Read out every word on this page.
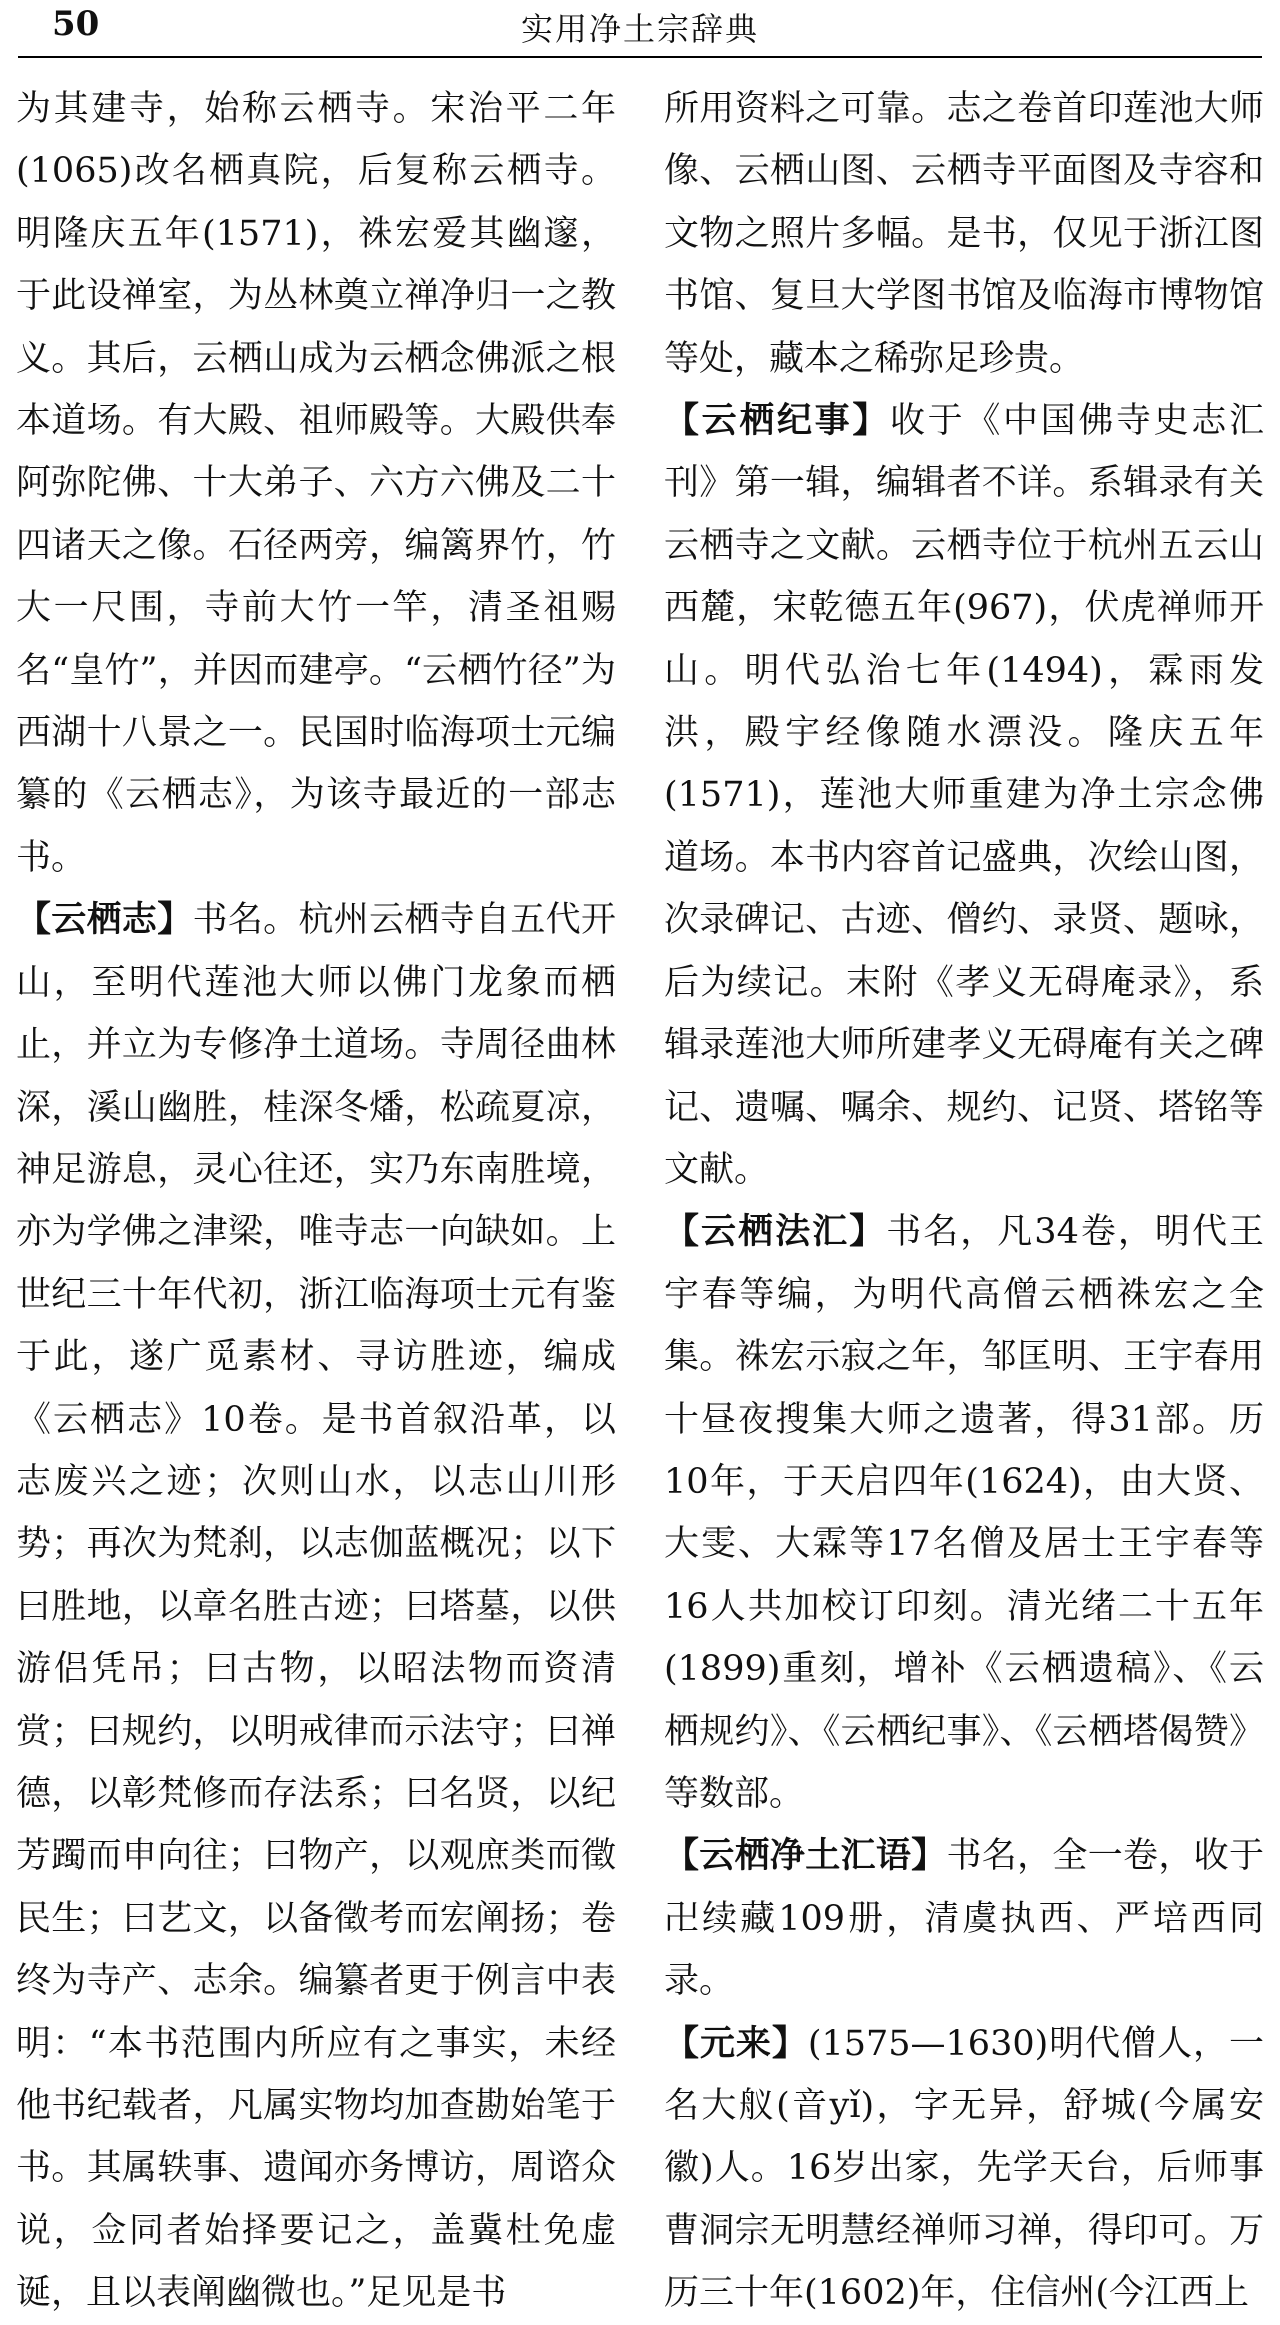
50	实用净土宗辞典

为其建寺，始称云栖寺。宋治平二年(1065)改名栖真院，后复称云栖寺。明隆庆五年(1571)，袾宏爱其幽邃，于此设禅室，为丛林奠立禅净归一之教义。其后，云栖山成为云栖念佛派之根本道场。有大殿、祖师殿等。大殿供奉阿弥陀佛、十大弟子、六方六佛及二十四诸天之像。石径两旁，编篱界竹，竹大一尺围，寺前大竹一竿，清圣祖赐名“皇竹”，并因而建亭。“云栖竹径”为西湖十八景之一。民国时临海项士元编纂的《云栖志》，为该寺最近的一部志书。

【云栖志】书名。杭州云栖寺自五代开山，至明代莲池大师以佛门龙象而栖止，并立为专修净土道场。寺周径曲林深，溪山幽胜，桂深冬燔，松疏夏凉，神足游息，灵心往还，实乃东南胜境，亦为学佛之津梁，唯寺志一向缺如。上世纪三十年代初，浙江临海项士元有鉴于此，遂广觅素材、寻访胜迹，编成《云栖志》10卷。是书首叙沿革，以志废兴之迹；次则山水，以志山川形势；再次为梵刹，以志伽蓝概况；以下曰胜地，以章名胜古迹；曰塔墓，以供游侣凭吊；曰古物，以昭法物而资清赏；曰规约，以明戒律而示法守；曰禅德，以彰梵修而存法系；曰名贤，以纪芳躅而申向往；曰物产，以观庶类而徵民生；曰艺文，以备徵考而宏阐扬；卷终为寺产、志余。编纂者更于例言中表明：“本书范围内所应有之事实，未经他书纪载者，凡属实物均加查勘始笔于书。其属轶事、遗闻亦务博访，周谘众说，佥同者始择要记之，盖冀杜免虚诞，且以表阐幽微也。”足见是书

所用资料之可靠。志之卷首印莲池大师像、云栖山图、云栖寺平面图及寺容和文物之照片多幅。是书，仅见于浙江图书馆、复旦大学图书馆及临海市博物馆等处，藏本之稀弥足珍贵。

【云栖纪事】收于《中国佛寺史志汇刊》第一辑，编辑者不详。系辑录有关云栖寺之文献。云栖寺位于杭州五云山西麓，宋乾德五年(967)，伏虎禅师开山。明代弘治七年(1494)，霖雨发洪，殿宇经像随水漂没。隆庆五年(1571)，莲池大师重建为净土宗念佛道场。本书内容首记盛典，次绘山图，次录碑记、古迹、僧约、录贤、题咏，后为续记。末附《孝义无碍庵录》，系辑录莲池大师所建孝义无碍庵有关之碑记、遗嘱、嘱余、规约、记贤、塔铭等文献。

【云栖法汇】书名，凡34卷，明代王宇春等编，为明代高僧云栖袾宏之全集。袾宏示寂之年，邹匡明、王宇春用十昼夜搜集大师之遗著，得31部。历10年，于天启四年(1624)，由大贤、大雯、大霖等17名僧及居士王宇春等16人共加校订印刻。清光绪二十五年(1899)重刻，增补《云栖遗稿》、《云栖规约》、《云栖纪事》、《云栖塔偈赞》等数部。

【云栖净土汇语】书名，全一卷，收于卍续藏109册，清虞执西、严培西同录。

【元来】(1575—1630)明代僧人，一名大舣(音yǐ)，字无异，舒城(今属安徽)人。16岁出家，先学天台，后师事曹洞宗无明慧经禅师习禅，得印可。万历三十年(1602)年，住信州(今江西上
